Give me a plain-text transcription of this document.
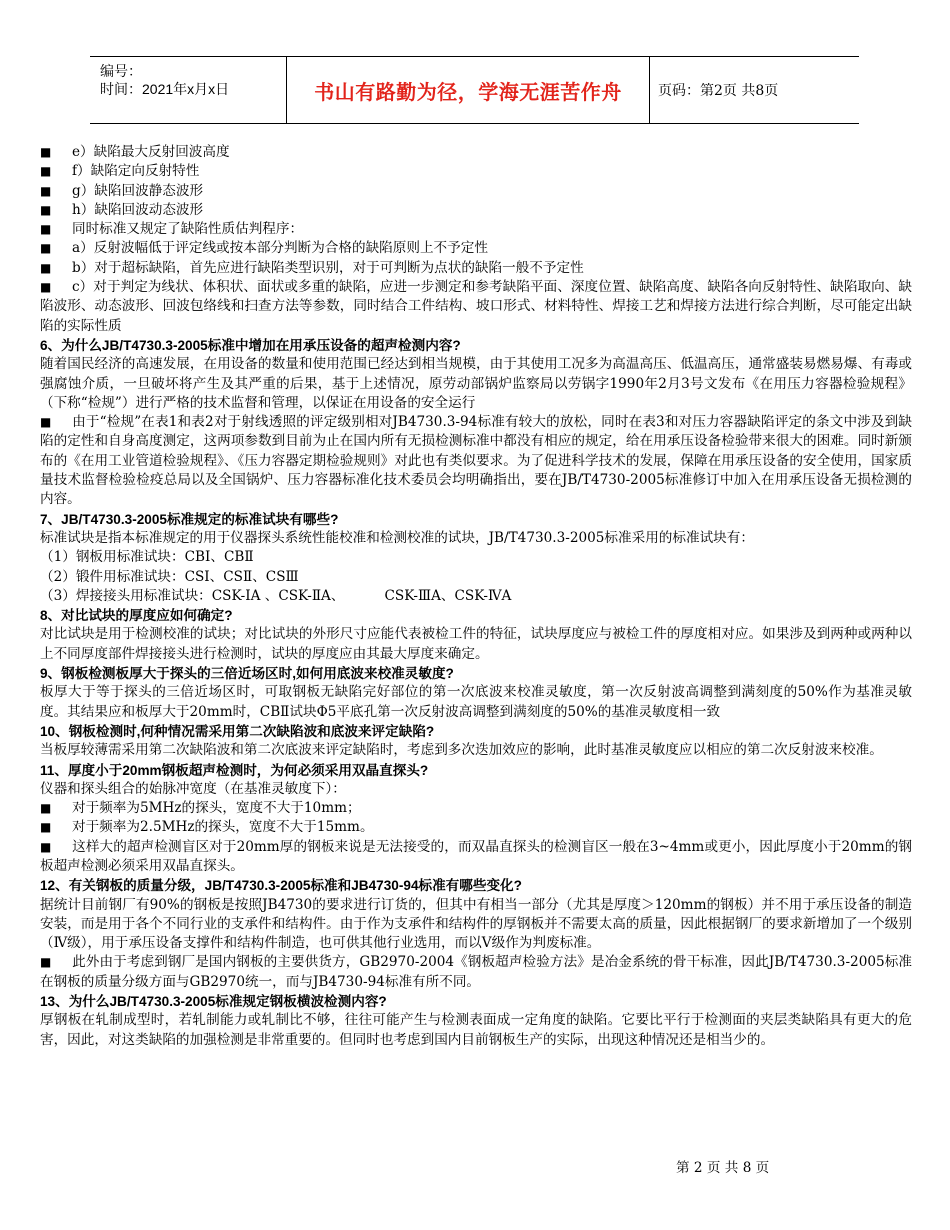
编号：
时间：2021年x月x日	书山有路勤为径，学海无涯苦作舟	页码：第2页 共8页

■ e）缺陷最大反射回波高度

■ f）缺陷定向反射特性

■ g）缺陷回波静态波形

■ h）缺陷回波动态波形

■ 同时标准又规定了缺陷性质估判程序：

■ a）反射波幅低于评定线或按本部分判断为合格的缺陷原则上不予定性

■ b）对于超标缺陷，首先应进行缺陷类型识别，对于可判断为点状的缺陷一般不予定性

■ c）对于判定为线状、体积状、面状或多重的缺陷，应进一步测定和参考缺陷平面、深度位置、缺陷高度、缺陷各向反射特性、缺陷取向、缺陷波形、动态波形、回波包络线和扫查方法等参数，同时结合工件结构、坡口形式、材料特性、焊接工艺和焊接方法进行综合判断，尽可能定出缺陷的实际性质

6、为什么JB/T4730.3-2005标准中增加在用承压设备的超声检测内容?

随着国民经济的高速发展，在用设备的数量和使用范围已经达到相当规模，由于其使用工况多为高温高压、低温高压，通常盛装易燃易爆、有毒或强腐蚀介质，一旦破坏将产生及其严重的后果，基于上述情况，原劳动部锅炉监察局以劳锅字1990年2月3号文发布《在用压力容器检验规程》（下称“检规”）进行严格的技术监督和管理，以保证在用设备的安全运行

■ 由于“检规”在表1和表2对于射线透照的评定级别相对JB4730.3-94标准有较大的放松，同时在表3和对压力容器缺陷评定的条文中涉及到缺陷的定性和自身高度测定，这两项参数到目前为止在国内所有无损检测标准中都没有相应的规定，给在用承压设备检验带来很大的困难。同时新颁布的《在用工业管道检验规程》、《压力容器定期检验规则》对此也有类似要求。为了促进科学技术的发展，保障在用承压设备的安全使用，国家质量技术监督检验检疫总局以及全国锅炉、压力容器标准化技术委员会均明确指出，要在JB/T4730-2005标准修订中加入在用承压设备无损检测的内容。

7、JB/T4730.3-2005标准规定的标准试块有哪些?

标准试块是指本标准规定的用于仪器探头系统性能校准和检测校准的试块，JB/T4730.3-2005标准采用的标准试块有：

（1）钢板用标准试块：CBⅠ、CBⅡ

（2）锻件用标准试块：CSⅠ、CSⅡ、CSⅢ

（3）焊接接头用标准试块：CSK-ⅠA 、CSK-ⅡA、	CSK-ⅢA、CSK-ⅣA

8、对比试块的厚度应如何确定?

对比试块是用于检测校准的试块；对比试块的外形尺寸应能代表被检工件的特征，试块厚度应与被检工件的厚度相对应。如果涉及到两种或两种以上不同厚度部件焊接接头进行检测时，试块的厚度应由其最大厚度来确定。

9、钢板检测板厚大于探头的三倍近场区时,如何用底波来校准灵敏度?

板厚大于等于探头的三倍近场区时，可取钢板无缺陷完好部位的第一次底波来校准灵敏度，第一次反射波高调整到满刻度的50%作为基准灵敏度。其结果应和板厚大于20mm时，CBⅡ试块Φ5平底孔第一次反射波高调整到满刻度的50%的基准灵敏度相一致

10、钢板检测时,何种情况需采用第二次缺陷波和底波来评定缺陷?

当板厚较薄需采用第二次缺陷波和第二次底波来评定缺陷时，考虑到多次迭加效应的影响，此时基准灵敏度应以相应的第二次反射波来校准。

11、厚度小于20mm钢板超声检测时，为何必须采用双晶直探头?

仪器和探头组合的始脉冲宽度（在基准灵敏度下）：

■ 对于频率为5MHz的探头，宽度不大于10mm；

■ 对于频率为2.5MHz的探头，宽度不大于15mm。

■ 这样大的超声检测盲区对于20mm厚的钢板来说是无法接受的，而双晶直探头的检测盲区一般在3~4mm或更小，因此厚度小于20mm的钢板超声检测必须采用双晶直探头。

12、有关钢板的质量分级，JB/T4730.3-2005标准和JB4730-94标准有哪些变化?

据统计目前钢厂有90%的钢板是按照JB4730的要求进行订货的，但其中有相当一部分（尤其是厚度＞120mm的钢板）并不用于承压设备的制造安装，而是用于各个不同行业的支承件和结构件。由于作为支承件和结构件的厚钢板并不需要太高的质量，因此根据钢厂的要求新增加了一个级别（Ⅳ级），用于承压设备支撑件和结构件制造，也可供其他行业选用，而以Ⅴ级作为判废标准。

■ 此外由于考虑到钢厂是国内钢板的主要供货方，GB2970-2004《钢板超声检验方法》是冶金系统的骨干标准，因此JB/T4730.3-2005标准在钢板的质量分级方面与GB2970统一，而与JB4730-94标准有所不同。

13、为什么JB/T4730.3-2005标准规定钢板横波检测内容?

厚钢板在轧制成型时，若轧制能力或轧制比不够，往往可能产生与检测表面成一定角度的缺陷。它要比平行于检测面的夹层类缺陷具有更大的危害，因此，对这类缺陷的加强检测是非常重要的。但同时也考虑到国内目前钢板生产的实际，出现这种情况还是相当少的。

第 2 页 共 8 页
